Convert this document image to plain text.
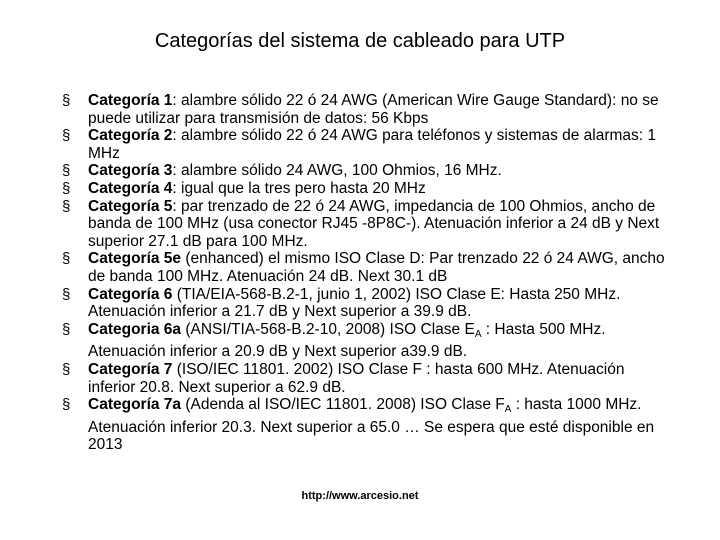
Categorías del sistema de cableado para UTP
§	Categoría 1: alambre sólido 22 ó 24 AWG (American Wire Gauge Standard): no se puede utilizar para transmisión de datos: 56 Kbps
§	Categoría 2: alambre sólido 22 ó 24 AWG para teléfonos y sistemas de alarmas: 1 MHz
§	Categoría 3: alambre sólido 24 AWG, 100 Ohmios, 16 MHz.
§	Categoría 4: igual que la tres pero hasta 20 MHz
§	Categoría 5: par trenzado de 22 ó 24 AWG, impedancia de 100 Ohmios, ancho de banda de 100 MHz (usa conector RJ45 -8P8C-). Atenuación inferior a 24 dB y Next superior 27.1 dB para 100 MHz.
§	Categoría 5e (enhanced) el mismo ISO Clase D: Par trenzado 22 ó 24 AWG, ancho de banda 100 MHz. Atenuación 24 dB. Next 30.1 dB
§	Categoría 6 (TIA/EIA-568-B.2-1, junio 1, 2002) ISO Clase E: Hasta 250 MHz. Atenuación inferior a 21.7 dB y Next superior a 39.9 dB.
§	Categoria 6a (ANSI/TIA-568-B.2-10, 2008) ISO Clase $E_A$ : Hasta 500 MHz. Atenuación inferior a 20.9 dB y Next superior a39.9 dB.
§	Categoría 7 (ISO/IEC 11801. 2002) ISO Clase F : hasta 600 MHz. Atenuación inferior 20.8. Next superior a 62.9 dB.
§	Categoría 7a (Adenda al ISO/IEC 11801. 2008) ISO Clase $F_A$ : hasta 1000 MHz. Atenuación inferior 20.3. Next superior a 65.0 … Se espera que esté disponible en 2013
http://www.arcesio.net
